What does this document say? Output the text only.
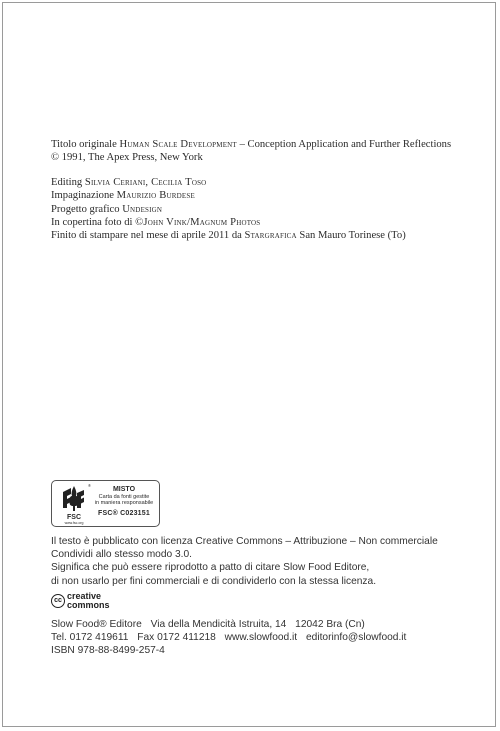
Titolo originale Human Scale Development – Conception Application and Further Reflections

© 1991, The Apex Press, New York

Editing Silvia Ceriani, Cecilia Toso

Impaginazione Maurizio Burdese

Progetto grafico Undesign

In copertina foto di ©John Vink/Magnum Photos

Finito di stampare nel mese di aprile 2011 da Stargrafica San Mauro Torinese (To)

FSC
www.fsc.org
®
MISTO
Carta da fonti gestite
in maniera responsabile
FSC® C023151

Il testo è pubblicato con licenza Creative Commons – Attribuzione – Non commerciale

Condividi allo stesso modo 3.0.

Significa che può essere riprodotto a patto di citare Slow Food Editore,

di non usarlo per fini commerciali e di condividerlo con la stessa licenza.

cc creative
commons

Slow Food® Editore Via della Mendicità Istruita, 14 12042 Bra (Cn)

Tel. 0172 419611 Fax 0172 411218 www.slowfood.it editorinfo@slowfood.it

ISBN 978-88-8499-257-4
